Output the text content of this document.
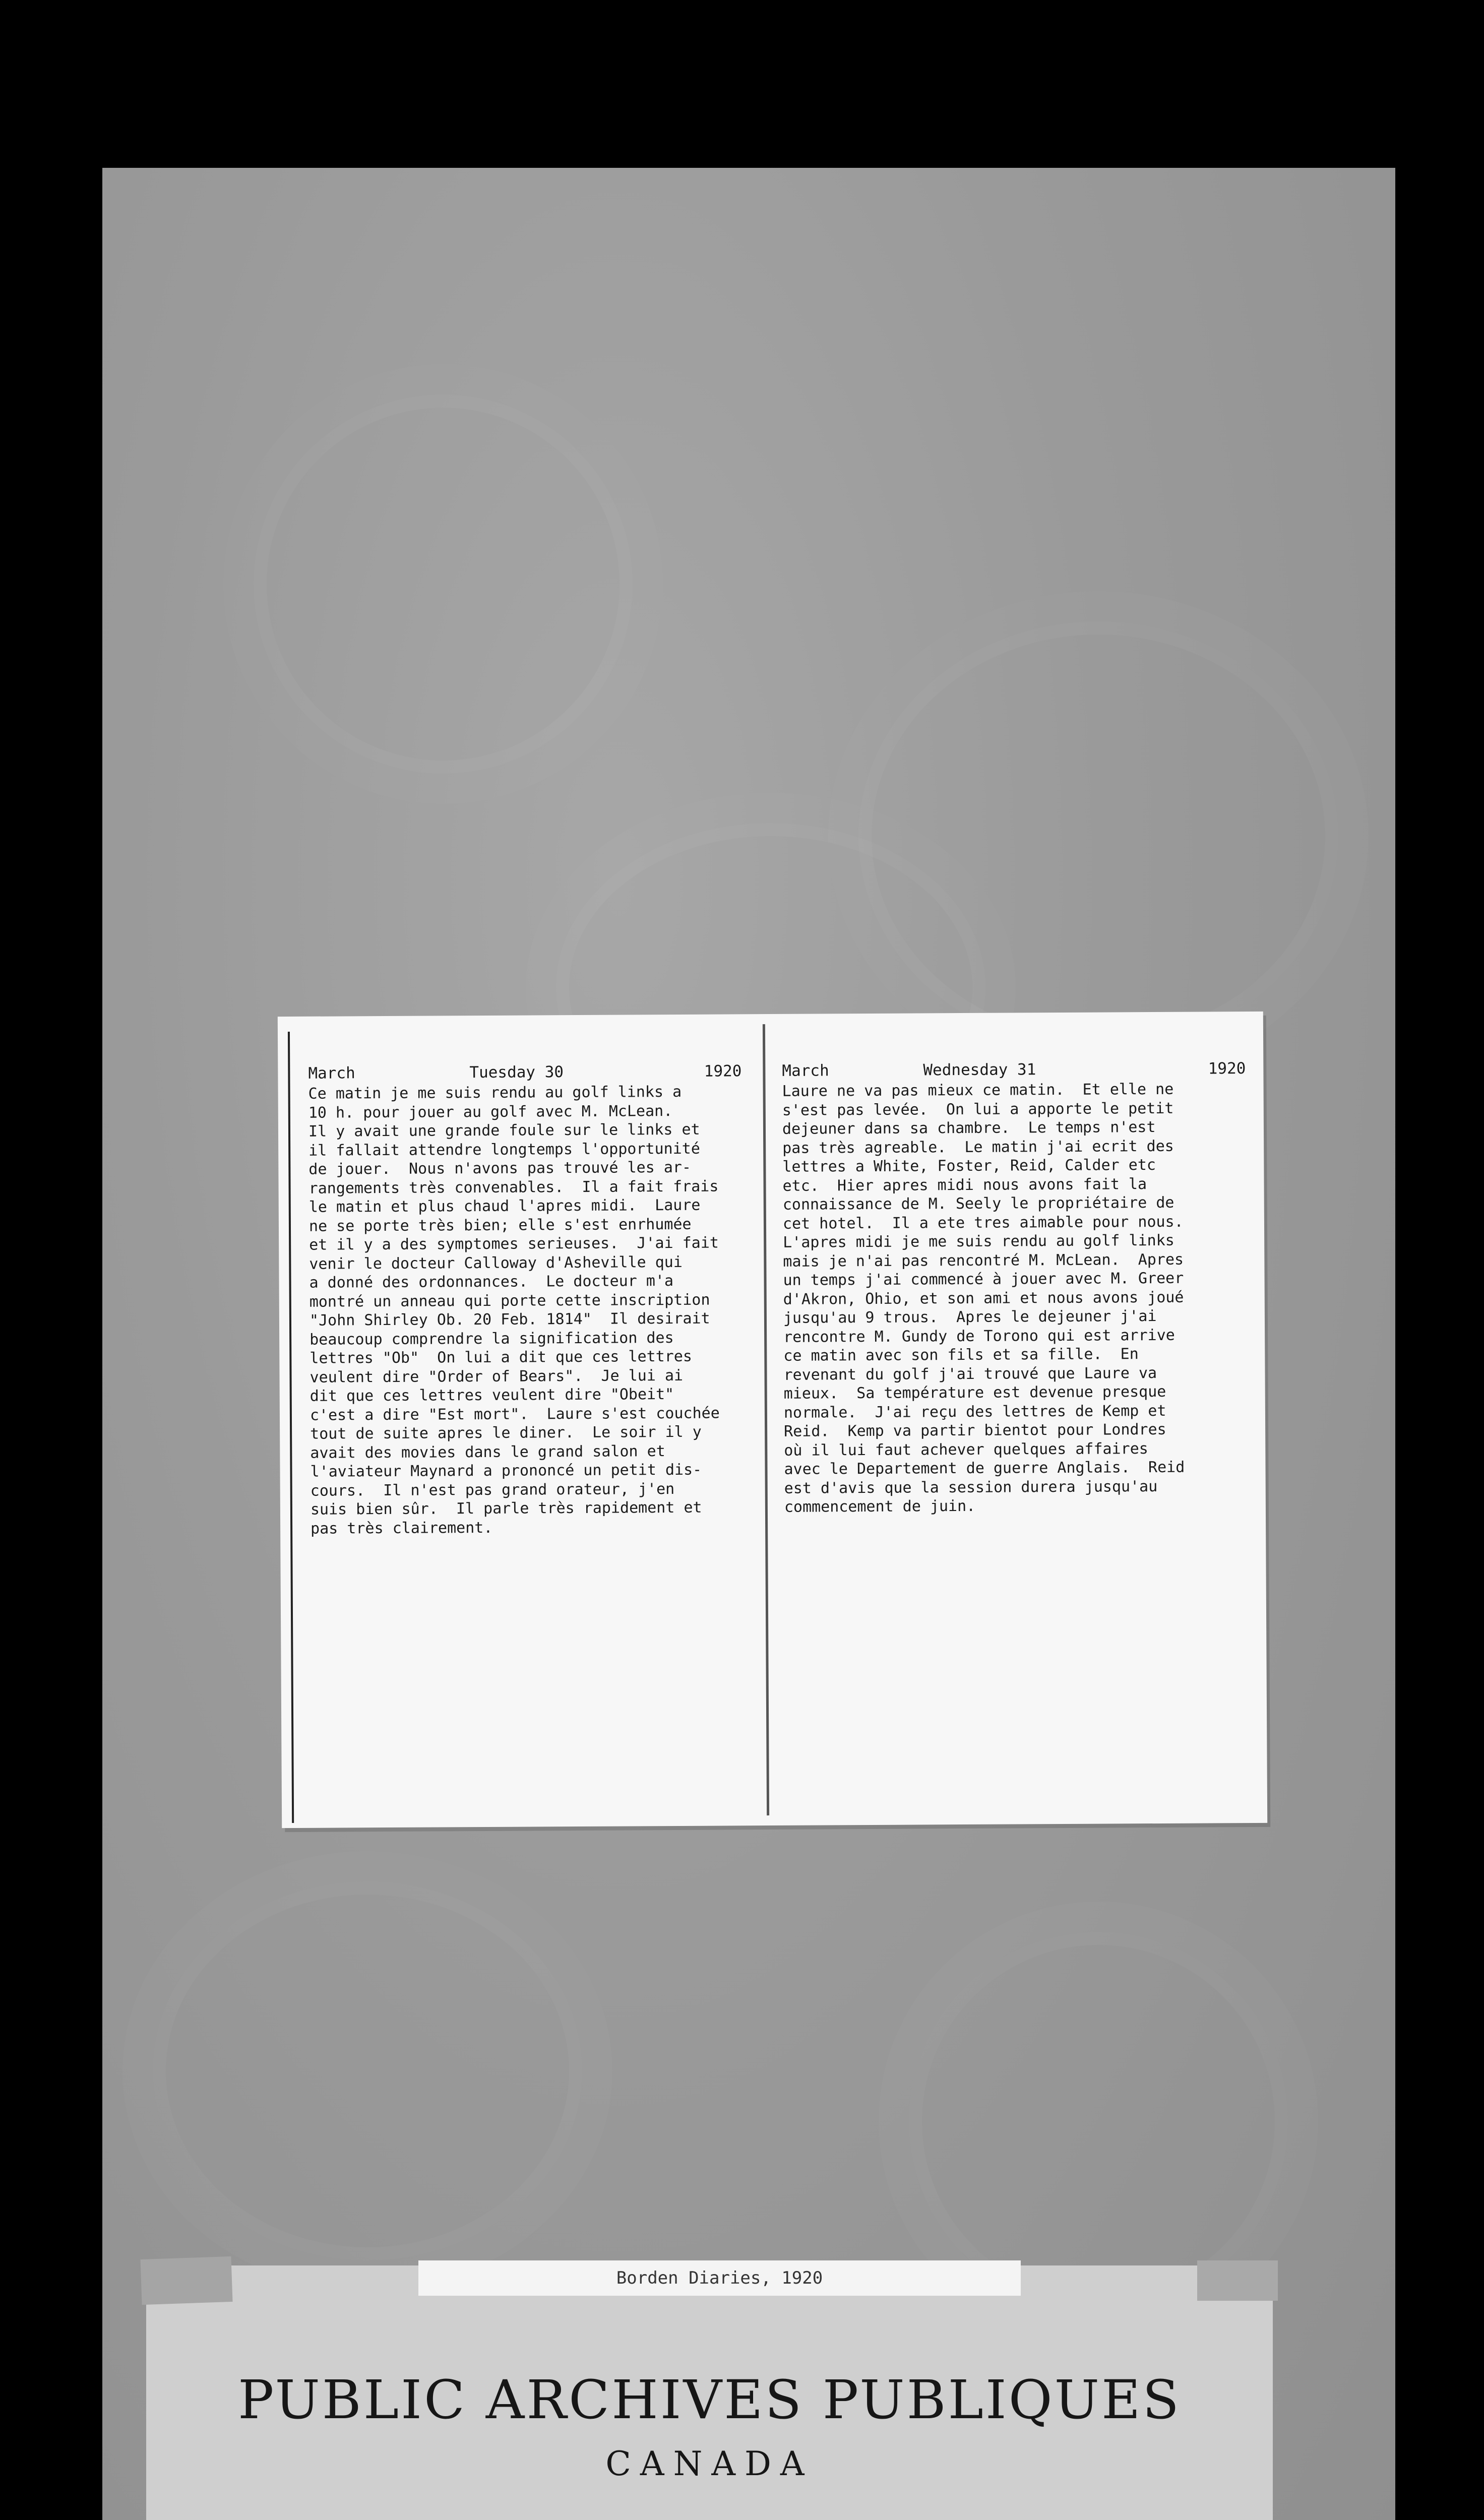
March	Tuesday 30	1920
Ce matin je me suis rendu au golf links a
10 h. pour jouer au golf avec M. McLean.
Il y avait une grande foule sur le links et
il fallait attendre longtemps l'opportunité
de jouer.  Nous n'avons pas trouvé les ar-
rangements très convenables.  Il a fait frais
le matin et plus chaud l'apres midi.  Laure
ne se porte très bien; elle s'est enrhumée
et il y a des symptomes serieuses.  J'ai fait
venir le docteur Calloway d'Asheville qui
a donné des ordonnances.  Le docteur m'a
montré un anneau qui porte cette inscription
"John Shirley Ob. 20 Feb. 1814"  Il desirait
beaucoup comprendre la signification des
lettres "Ob"  On lui a dit que ces lettres
veulent dire "Order of Bears".  Je lui ai
dit que ces lettres veulent dire "Obeit"
c'est a dire "Est mort".  Laure s'est couchée
tout de suite apres le diner.  Le soir il y
avait des movies dans le grand salon et
l'aviateur Maynard a prononcé un petit dis-
cours.  Il n'est pas grand orateur, j'en
suis bien sûr.  Il parle très rapidement et
pas très clairement.
March	Wednesday 31	1920
Laure ne va pas mieux ce matin.  Et elle ne
s'est pas levée.  On lui a apporte le petit
dejeuner dans sa chambre.  Le temps n'est
pas très agreable.  Le matin j'ai ecrit des
lettres a White, Foster, Reid, Calder etc
etc.  Hier apres midi nous avons fait la
connaissance de M. Seely le propriétaire de
cet hotel.  Il a ete tres aimable pour nous.
L'apres midi je me suis rendu au golf links
mais je n'ai pas rencontré M. McLean.  Apres
un temps j'ai commencé à jouer avec M. Greer
d'Akron, Ohio, et son ami et nous avons joué
jusqu'au 9 trous.  Apres le dejeuner j'ai
rencontre M. Gundy de Torono qui est arrive
ce matin avec son fils et sa fille.  En
revenant du golf j'ai trouvé que Laure va
mieux.  Sa température est devenue presque
normale.  J'ai reçu des lettres de Kemp et
Reid.  Kemp va partir bientot pour Londres
où il lui faut achever quelques affaires
avec le Departement de guerre Anglais.  Reid
est d'avis que la session durera jusqu'au
commencement de juin.
Borden Diaries, 1920
PUBLIC ARCHIVES PUBLIQUES
CANADA
